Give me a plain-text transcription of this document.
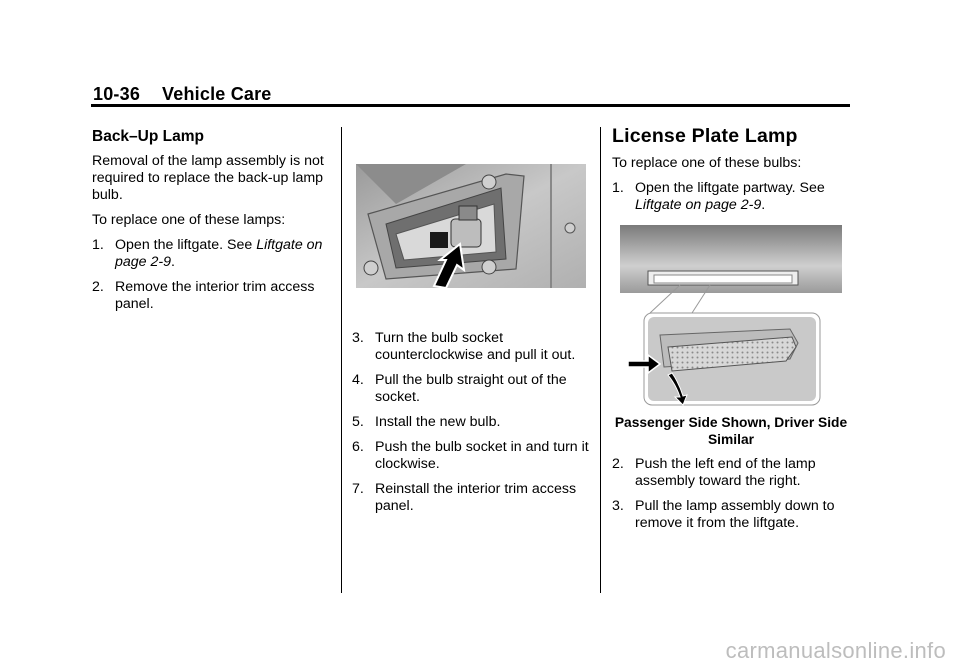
10-36 Vehicle Care
Back–Up Lamp

Removal of the lamp assembly is not required to replace the back-up lamp bulb.

To replace one of these lamps:

1. Open the liftgate. See Liftgate on page 2-9.
2. Remove the interior trim access panel.
3. Turn the bulb socket counterclockwise and pull it out.
4. Pull the bulb straight out of the socket.
5. Install the new bulb.
6. Push the bulb socket in and turn it clockwise.
7. Reinstall the interior trim access panel.
License Plate Lamp

To replace one of these bulbs:

1. Open the liftgate partway. See Liftgate on page 2-9.
Passenger Side Shown, Driver Side Similar
2. Push the left end of the lamp assembly toward the right.
3. Pull the lamp assembly down to remove it from the liftgate.
carmanualsonline.info
